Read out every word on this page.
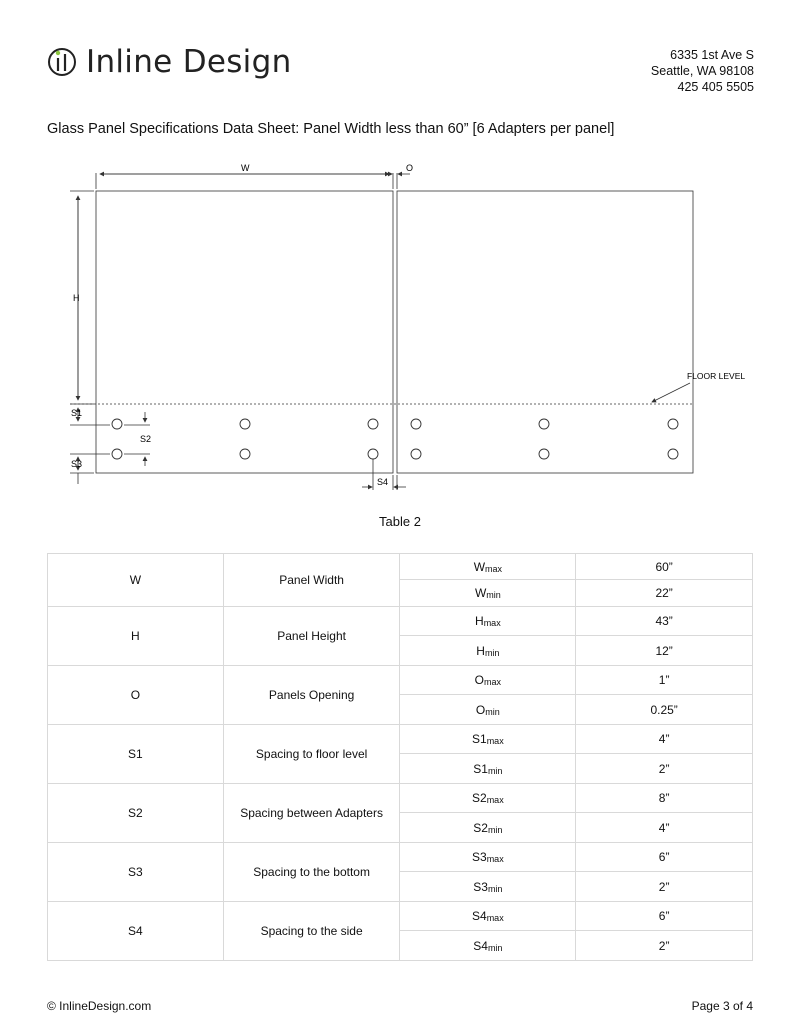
Inline Design	6335 1st Ave S
Seattle, WA 98108
425 405 5505
Glass Panel Specifications Data Sheet: Panel Width less than 60” [6 Adapters per panel]
W	O
H
S1
S2
S3
S4
FLOOR LEVEL
Table 2
W	Panel Width	$W_{max}$	60”
		$W_{min}$	22”
H	Panel Height	$H_{max}$	43”
		$H_{min}$	12”
O	Panels Opening	$O_{max}$	1”
		$O_{min}$	0.25”
S1	Spacing to floor level	$S1_{max}$	4”
		$S1_{min}$	2”
S2	Spacing between Adapters	$S2_{max}$	8”
		$S2_{min}$	4”
S3	Spacing to the bottom	$S3_{max}$	6”
		$S3_{min}$	2”
S4	Spacing to the side	$S4_{max}$	6”
		$S4_{min}$	2”
© InlineDesign.com	Page 3 of 4
